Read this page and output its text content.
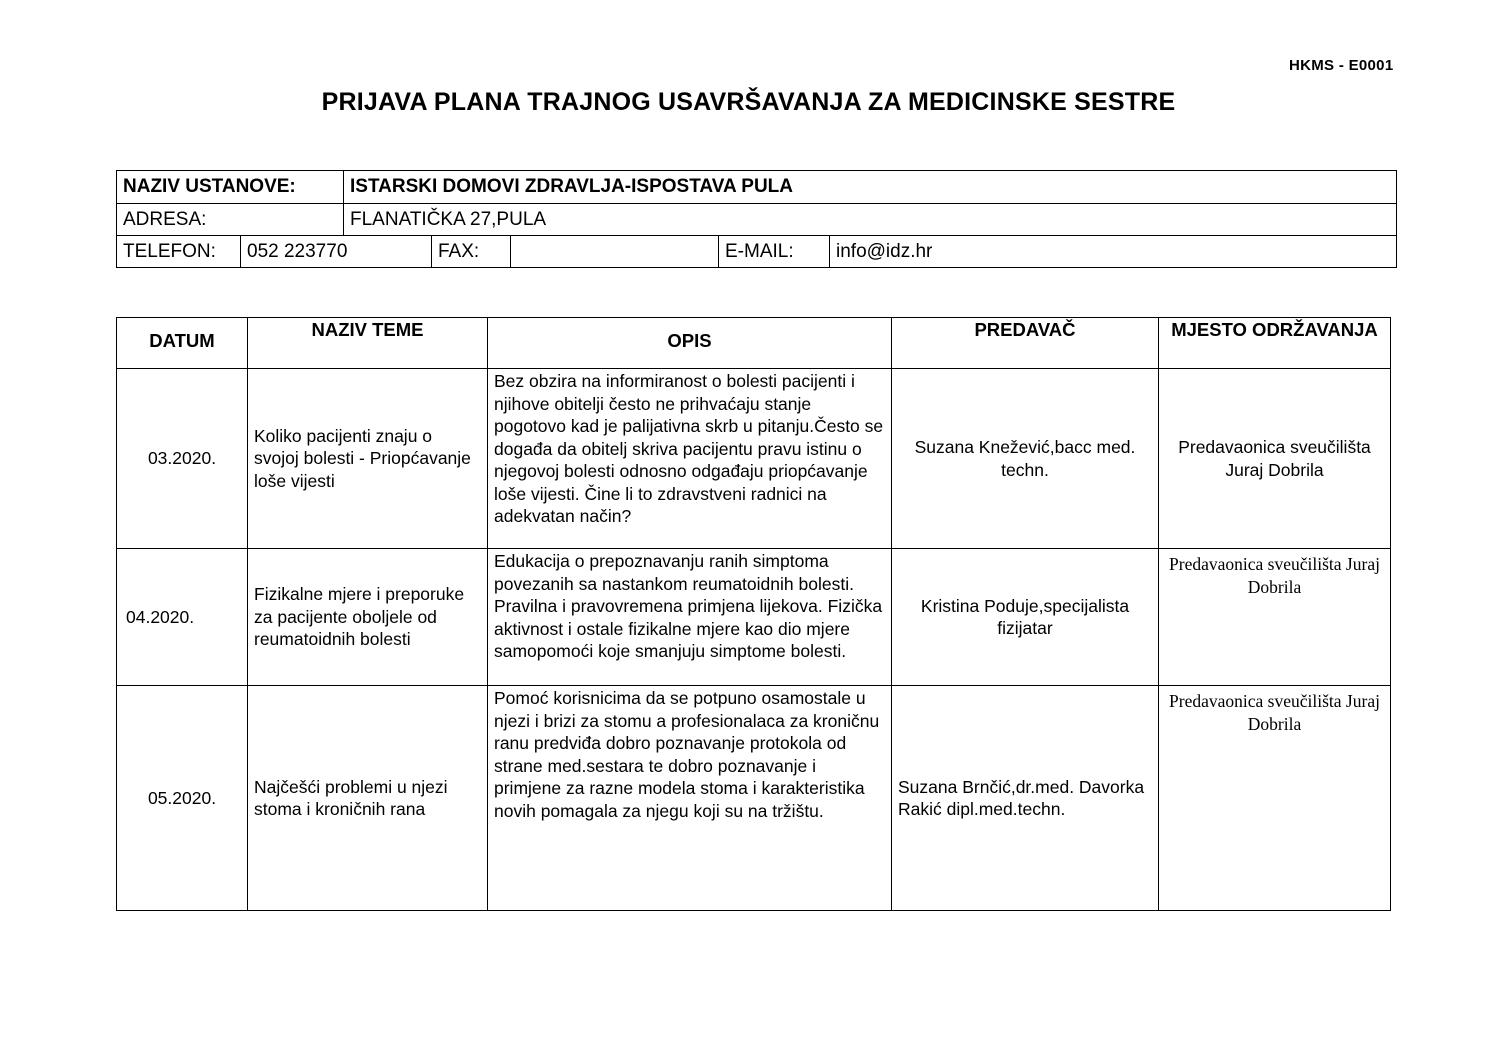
HKMS - E0001
PRIJAVA PLANA TRAJNOG USAVRŠAVANJA ZA MEDICINSKE SESTRE
NAZIV USTANOVE:	ISTARSKI DOMOVI ZDRAVLJA-ISPOSTAVA PULA
ADRESA:	FLANATIČKA 27,PULA
TELEFON:	052 223770	FAX:	E-MAIL:	info@idz.hr
DATUM	NAZIV TEME	OPIS	PREDAVAČ	MJESTO ODRŽAVANJA
03.2020.	Koliko pacijenti znaju o svojoj bolesti - Priopćavanje loše vijesti	Bez obzira na informiranost o bolesti pacijenti i njihove obitelji često ne prihvaćaju stanje pogotovo kad je palijativna skrb u pitanju.Često se događa da obitelj skriva pacijentu pravu istinu o njegovoj bolesti odnosno odgađaju priopćavanje loše vijesti. Čine li to zdravstveni radnici na adekvatan način?	Suzana Knežević,bacc med. techn.	Predavaonica sveučilišta Juraj Dobrila
04.2020.	Fizikalne mjere i preporuke za pacijente oboljele od reumatoidnih bolesti	Edukacija o prepoznavanju ranih simptoma povezanih sa nastankom reumatoidnih bolesti. Pravilna i pravovremena primjena lijekova. Fizička aktivnost i ostale fizikalne mjere kao dio mjere samopomoći koje smanjuju simptome bolesti.	Kristina Poduje,specijalista fizijatar	Predavaonica sveučilišta Juraj Dobrila
05.2020.	Najčešći problemi u njezi stoma i kroničnih rana	Pomoć korisnicima da se potpuno osamostale u njezi i brizi za stomu a profesionalaca za kroničnu ranu predviđa dobro poznavanje protokola od strane med.sestara te dobro poznavanje i primjene za razne modela stoma i karakteristika novih pomagala za njegu koji su na tržištu.	Suzana Brnčić,dr.med. Davorka Rakić dipl.med.techn.	Predavaonica sveučilišta Juraj Dobrila
